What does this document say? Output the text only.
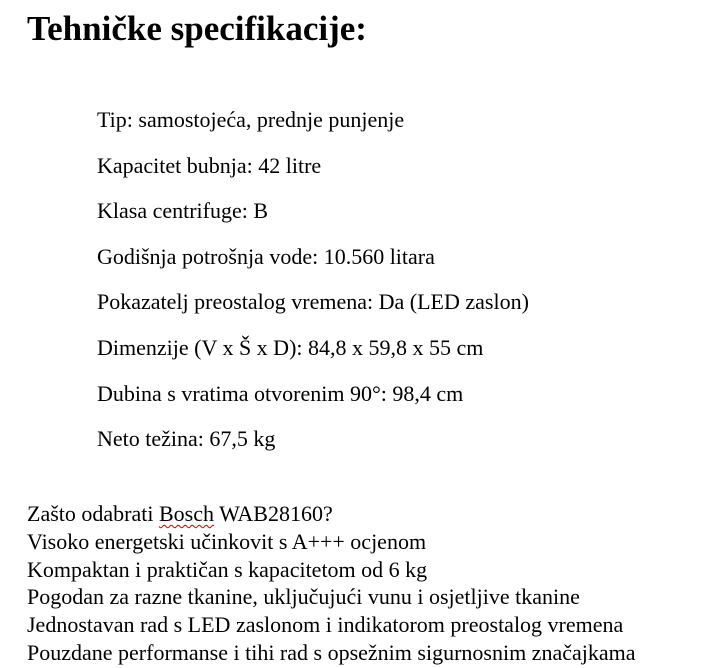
Tehničke specifikacije:
Tip: samostojeća, prednje punjenje
Kapacitet bubnja: 42 litre
Klasa centrifuge: B
Godišnja potrošnja vode: 10.560 litara
Pokazatelj preostalog vremena: Da (LED zaslon)
Dimenzije (V x Š x D): 84,8 x 59,8 x 55 cm
Dubina s vratima otvorenim 90°: 98,4 cm
Neto težina: 67,5 kg
Zašto odabrati Bosch WAB28160?
Visoko energetski učinkovit s A+++ ocjenom
Kompaktan i praktičan s kapacitetom od 6 kg
Pogodan za razne tkanine, uključujući vunu i osjetljive tkanine
Jednostavan rad s LED zaslonom i indikatorom preostalog vremena
Pouzdane performanse i tihi rad s opsežnim sigurnosnim značajkama
